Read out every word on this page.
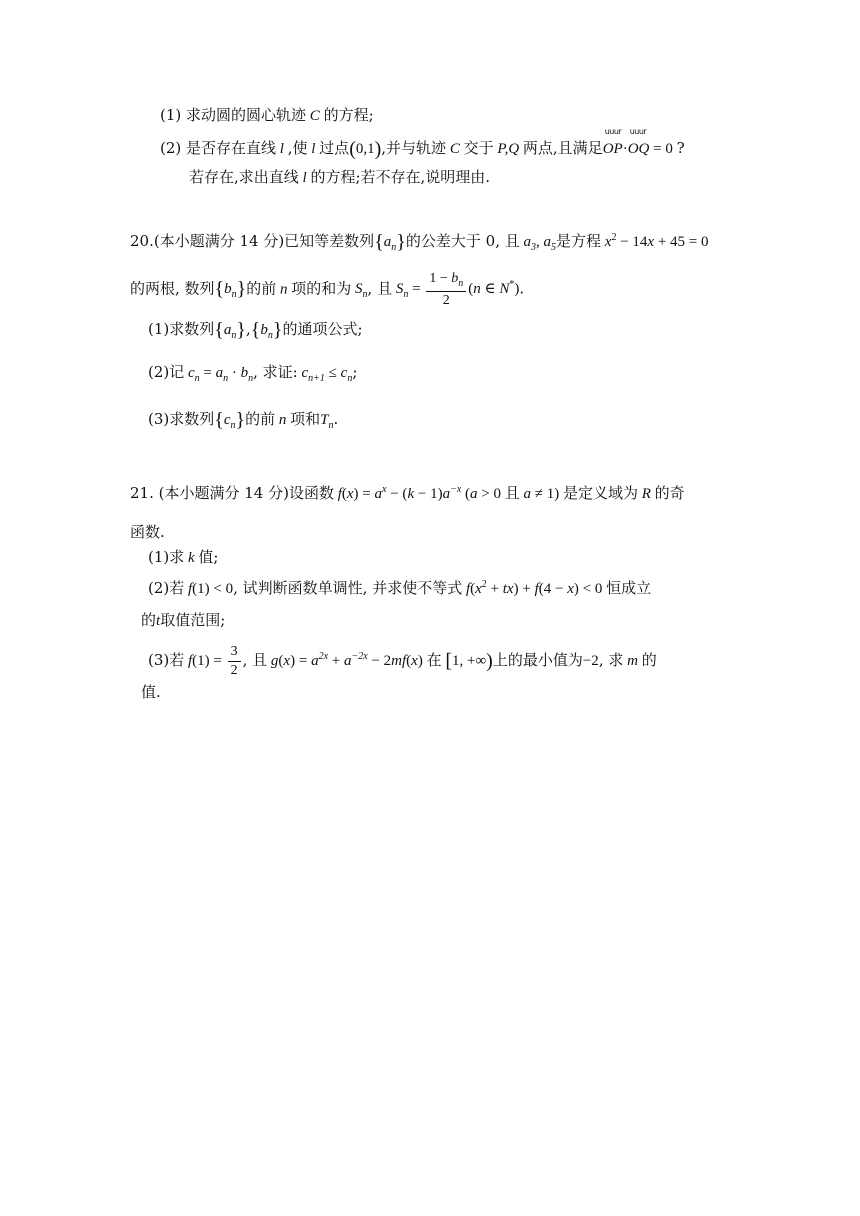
(1) 求动圆的圆心轨迹 C 的方程;
(2) 是否存在直线 l ,使 l 过点(0,1),并与轨迹 C 交于 P,Q 两点,且满足OP
uuur
·OQ
uuur
= 0 ?
若存在,求出直线 l 的方程;若不存在,说明理由.
20.(本小题满分 14 分)已知等差数列$\{a_n\}$的公差大于 0, 且 $a_3$, $a_5$是方程 $x^2 - 14x + 45 = 0$
的两根, 数列$\{b_n\}$的前 n 项的和为 $S_n$, 且 $S_n = \frac{1 - b_n}{2} (n$ ∈ N*).
(1)求数列$\{a_n\},\{b_n\}$的通项公式;
(2)记 $c_n = a_n \cdot b_n$, 求证: $c_{n+1} \le c_n$;
(3)求数列$\{c_n\}$的前 n 项和$T_n$.
21. (本小题满分 14 分)设函数 $f(x) = a^x - (k - 1)a^{-x}$ (a > 0 且 a ≠ 1) 是定义域为 R 的奇
函数.
(1)求 k 值;
(2)若 f(1) < 0, 试判断函数单调性, 并求使不等式 $f(x^2 + tx) + f(4 - x) < 0$ 恒成立
的t取值范围;
(3)若 $f(1) = \frac{3}{2}$ , 且 $g(x) = a^{2x} + a^{-2x} - 2mf(x)$ 在 [1, +∞)上的最小值为−2, 求 m 的
值.
